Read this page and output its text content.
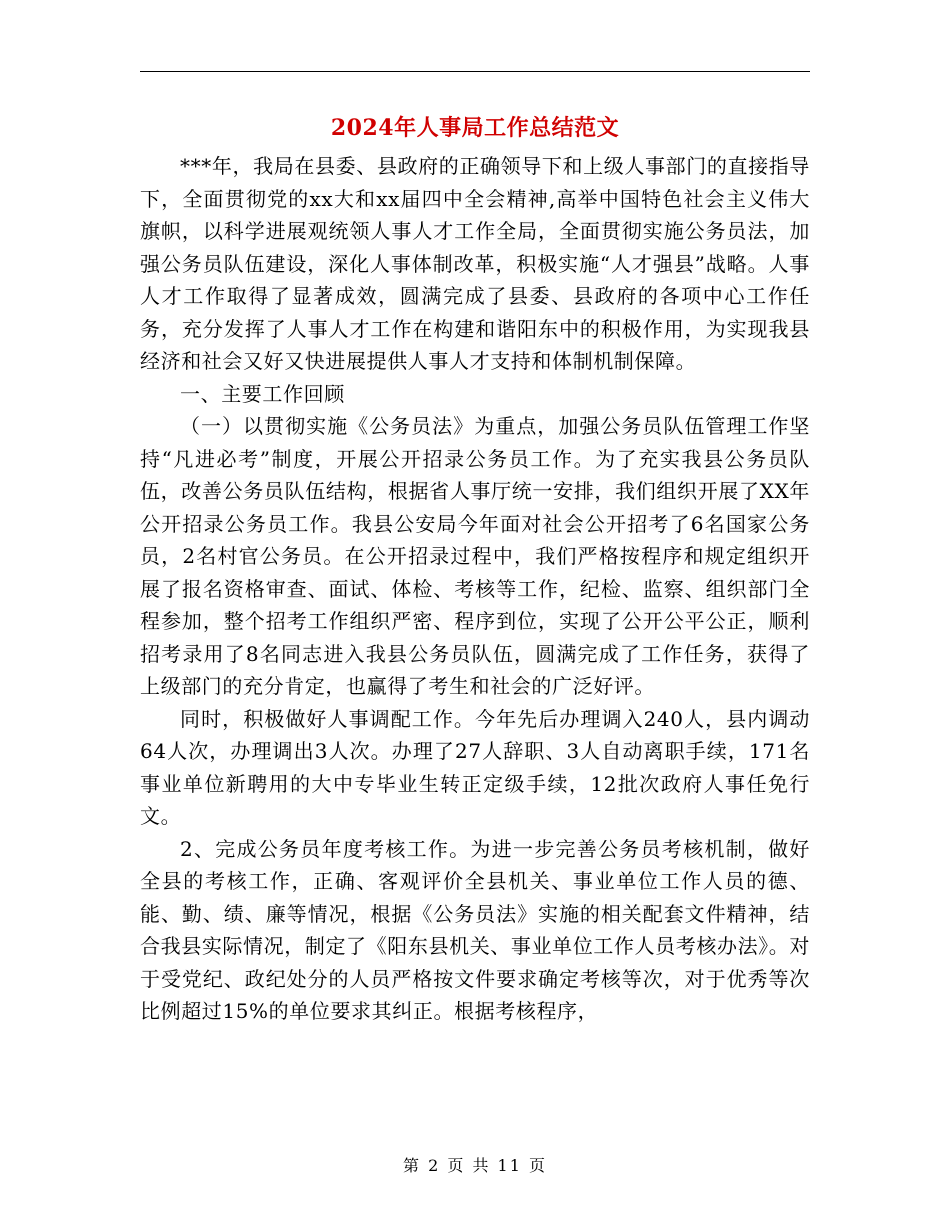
2024年人事局工作总结范文

***年，我局在县委、县政府的正确领导下和上级人事部门的直接指导下，全面贯彻党的xx大和xx届四中全会精神,高举中国特色社会主义伟大旗帜，以科学进展观统领人事人才工作全局，全面贯彻实施公务员法，加强公务员队伍建设，深化人事体制改革，积极实施“人才强县”战略。人事人才工作取得了显著成效，圆满完成了县委、县政府的各项中心工作任务，充分发挥了人事人才工作在构建和谐阳东中的积极作用，为实现我县经济和社会又好又快进展提供人事人才支持和体制机制保障。

一、主要工作回顾

（一）以贯彻实施《公务员法》为重点，加强公务员队伍管理工作坚持“凡进必考”制度，开展公开招录公务员工作。为了充实我县公务员队伍，改善公务员队伍结构，根据省人事厅统一安排，我们组织开展了XX年公开招录公务员工作。我县公安局今年面对社会公开招考了6名国家公务员，2名村官公务员。在公开招录过程中，我们严格按程序和规定组织开展了报名资格审查、面试、体检、考核等工作，纪检、监察、组织部门全程参加，整个招考工作组织严密、程序到位，实现了公开公平公正，顺利招考录用了8名同志进入我县公务员队伍，圆满完成了工作任务，获得了上级部门的充分肯定，也赢得了考生和社会的广泛好评。

同时，积极做好人事调配工作。今年先后办理调入240人，县内调动64人次，办理调出3人次。办理了27人辞职、3人自动离职手续，171名事业单位新聘用的大中专毕业生转正定级手续，12批次政府人事任免行文。

2、完成公务员年度考核工作。为进一步完善公务员考核机制，做好全县的考核工作，正确、客观评价全县机关、事业单位工作人员的德、能、勤、绩、廉等情况，根据《公务员法》实施的相关配套文件精神，结合我县实际情况，制定了《阳东县机关、事业单位工作人员考核办法》。对于受党纪、政纪处分的人员严格按文件要求确定考核等次，对于优秀等次比例超过15%的单位要求其纠正。根据考核程序，

第 2 页 共 11 页
